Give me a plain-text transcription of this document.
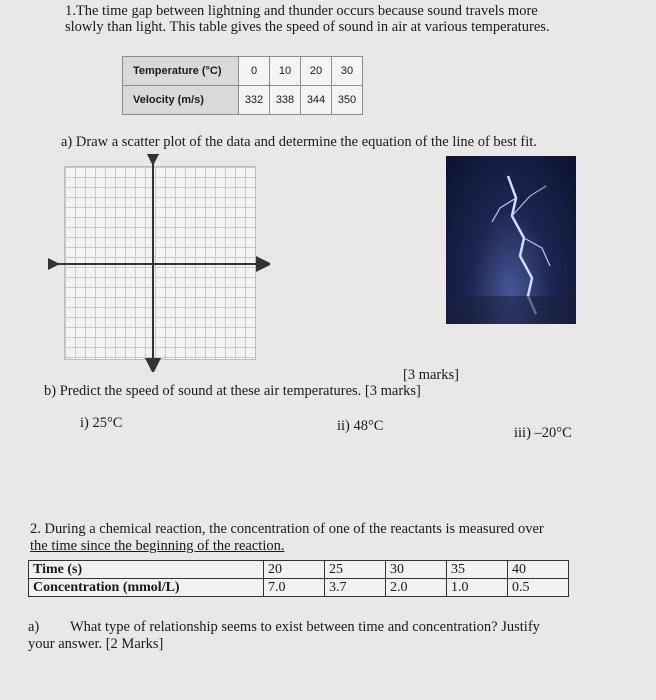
1.The time gap between lightning and thunder occurs because sound travels more
slowly than light. This table gives the speed of sound in air at various temperatures.
Temperature (°C)	0	10	20	30
Velocity (m/s)	332	338	344	350
a) Draw a scatter plot of the data and determine the equation of the line of best fit.
[3 marks]
b) Predict the speed of sound at these air temperatures. [3 marks]
i) 25°C	ii) 48°C	iii) –20°C
2. During a chemical reaction, the concentration of one of the reactants is measured over
the time since the beginning of the reaction.
Time (s)	20	25	30	35	40
Concentration (mmol/L)	7.0	3.7	2.0	1.0	0.5
a) What type of relationship seems to exist between time and concentration? Justify
your answer. [2 Marks]
